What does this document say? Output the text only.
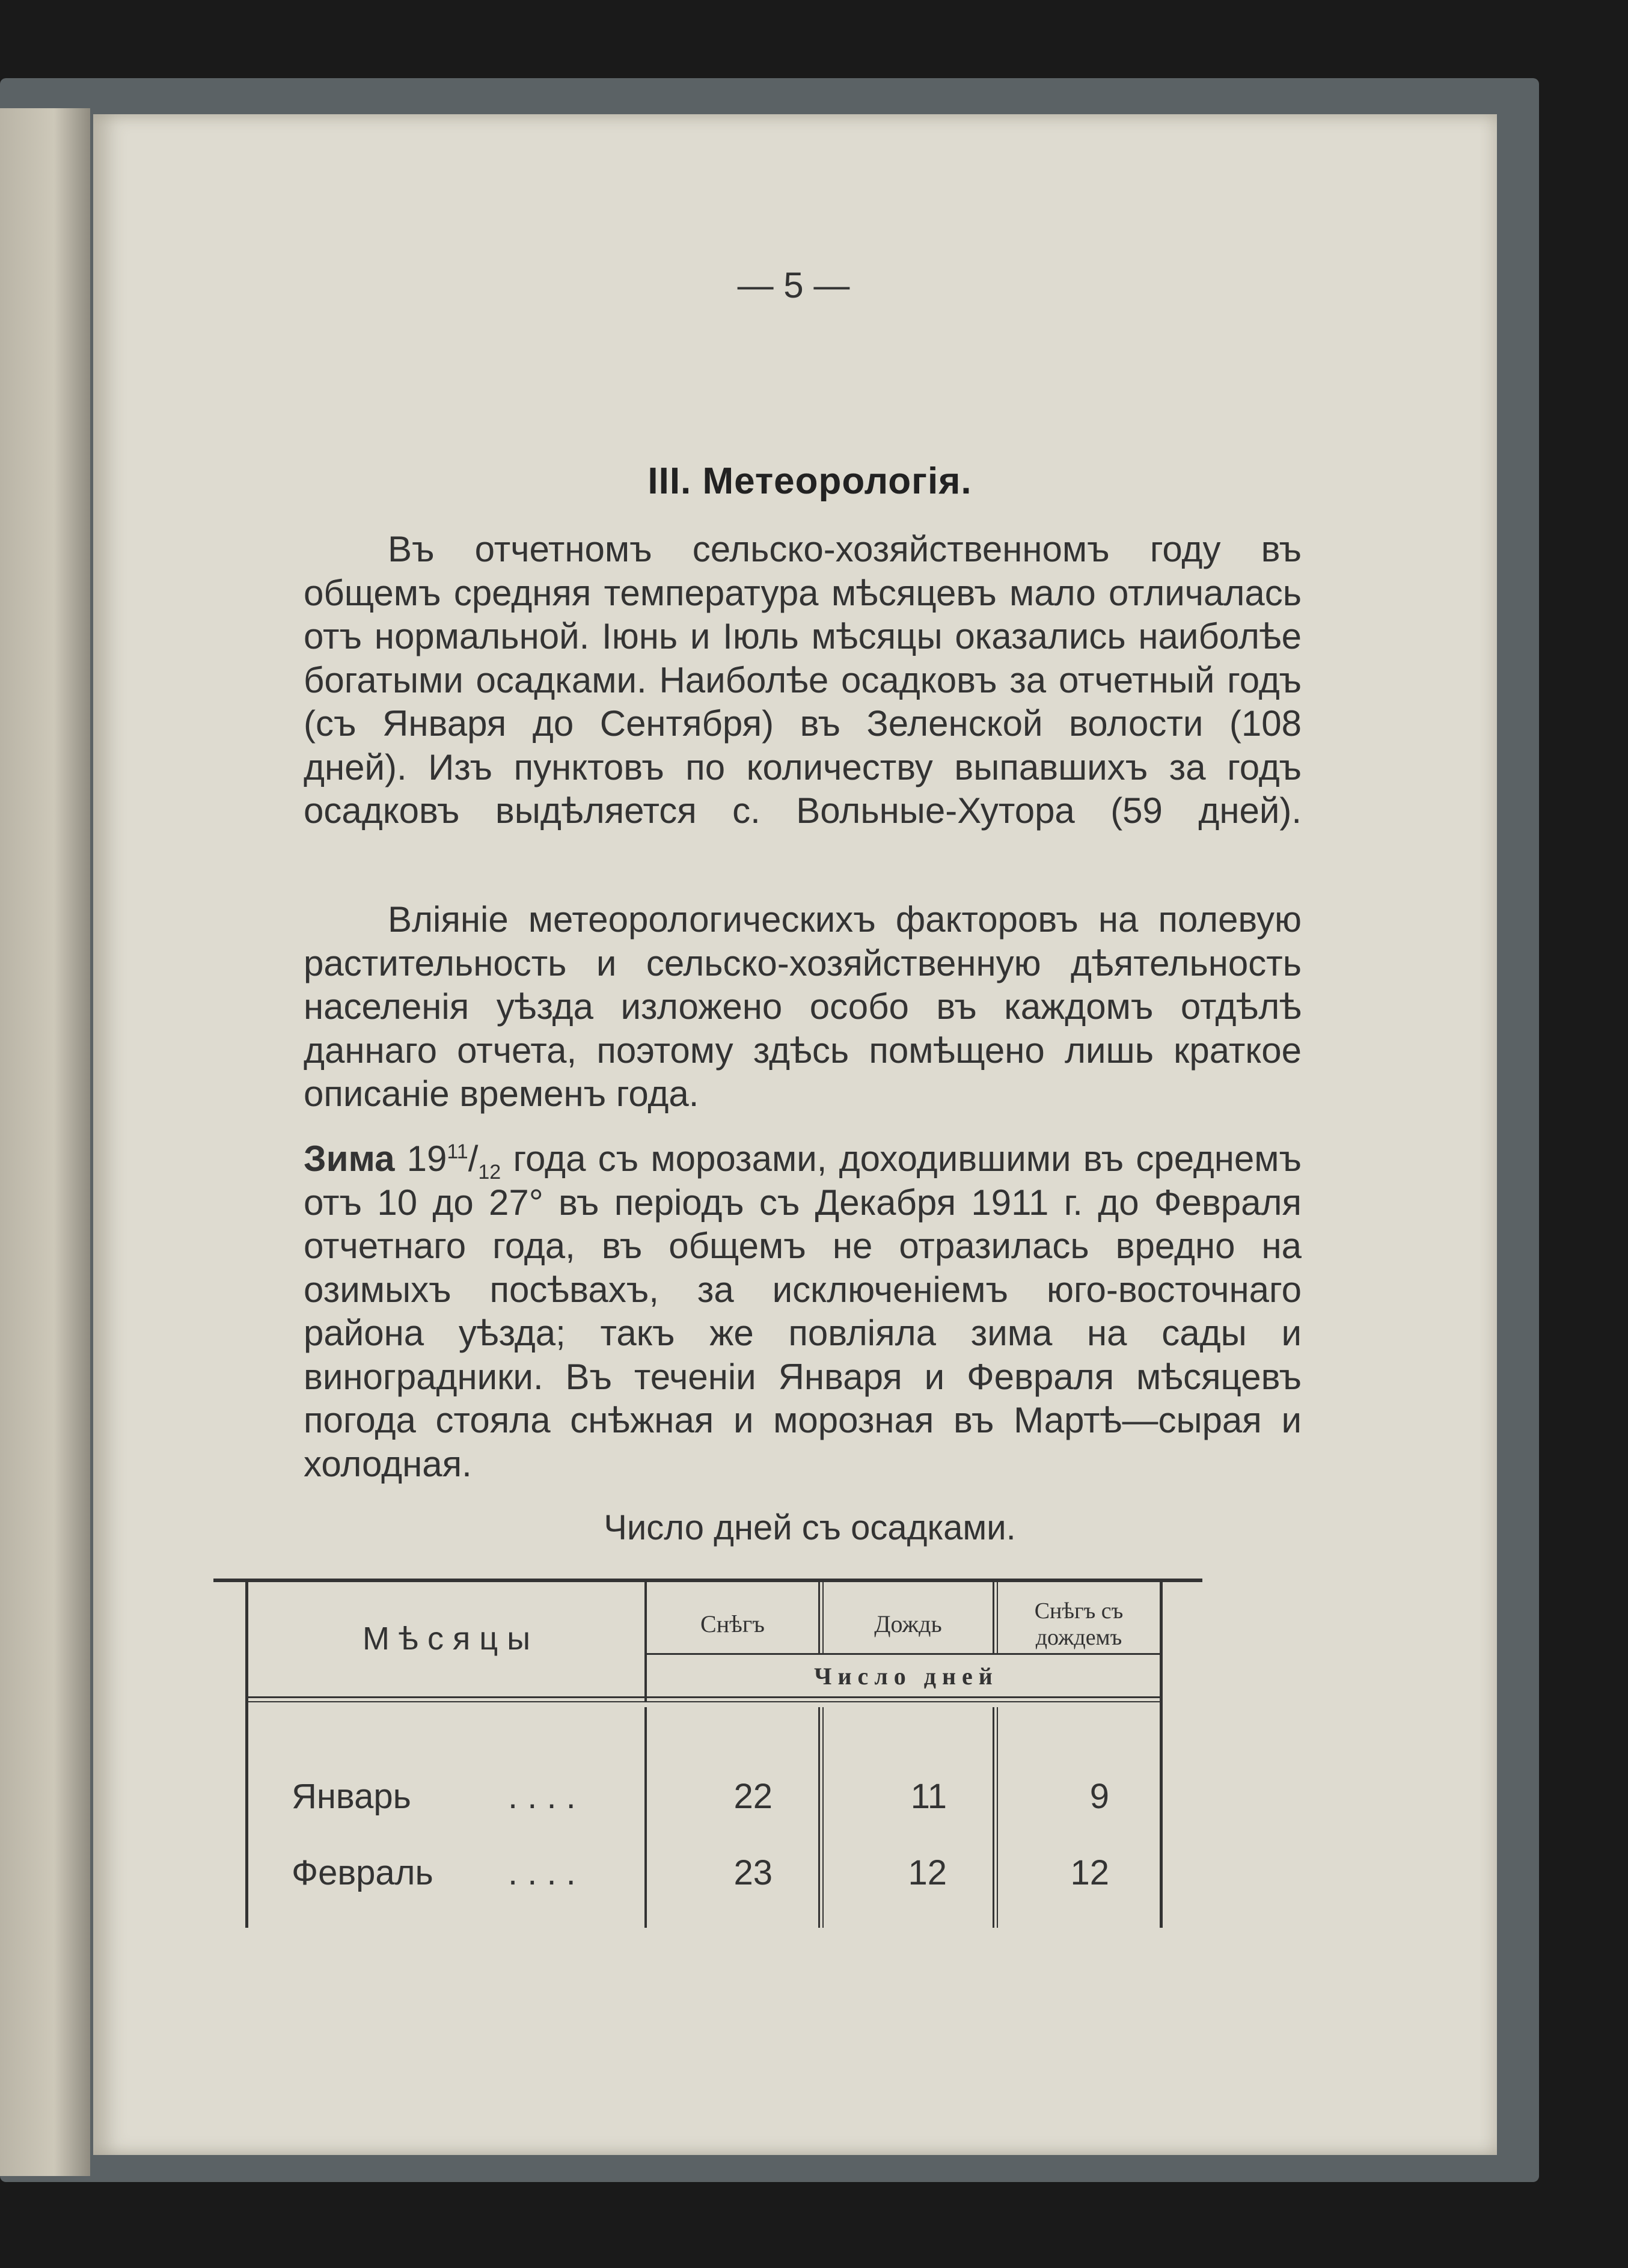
— 5 —
III. Метеорологія.

Въ отчетномъ сельско-хозяйственномъ году въ общемъ средняя температура мѣсяцевъ мало отличалась отъ нормальной. Іюнь и Іюль мѣсяцы оказались наиболѣе богатыми осадками. Наиболѣе осадковъ за отчетный годъ (съ Января до Сентября) въ Зеленской волости (108 дней). Изъ пунктовъ по количеству выпавшихъ за годъ осадковъ выдѣляется с. Вольные-Хутора (59 дней).

Вліяніе метеорологическихъ факторовъ на полевую растительность и сельско-хозяйственную дѣятельность населенія уѣзда изложено особо въ каждомъ отдѣлѣ даннаго отчета, поэтому здѣсь помѣщено лишь краткое описаніе временъ года.

Зима $19^{11}/_{12}$ года съ морозами, доходившими въ среднемъ отъ 10 до 27° въ періодъ съ Декабря 1911 г. до Февраля отчетнаго года, въ общемъ не отразилась вредно на озимыхъ посѣвахъ, за исключеніемъ юго-восточнаго района уѣзда; такъ же повліяла зима на сады и виноградники. Въ теченіи Января и Февраля мѣсяцевъ погода стояла снѣжная и морозная въ Мартѣ—сырая и холодная.

Число дней съ осадками.
М ѣ с я ц ы	Снѣгъ	Дождь	Снѣгъ съ дождемъ
Ч и с л о   д н е й
Январь	. . . .	22	11	9
Февраль . . . .	23	12	12
